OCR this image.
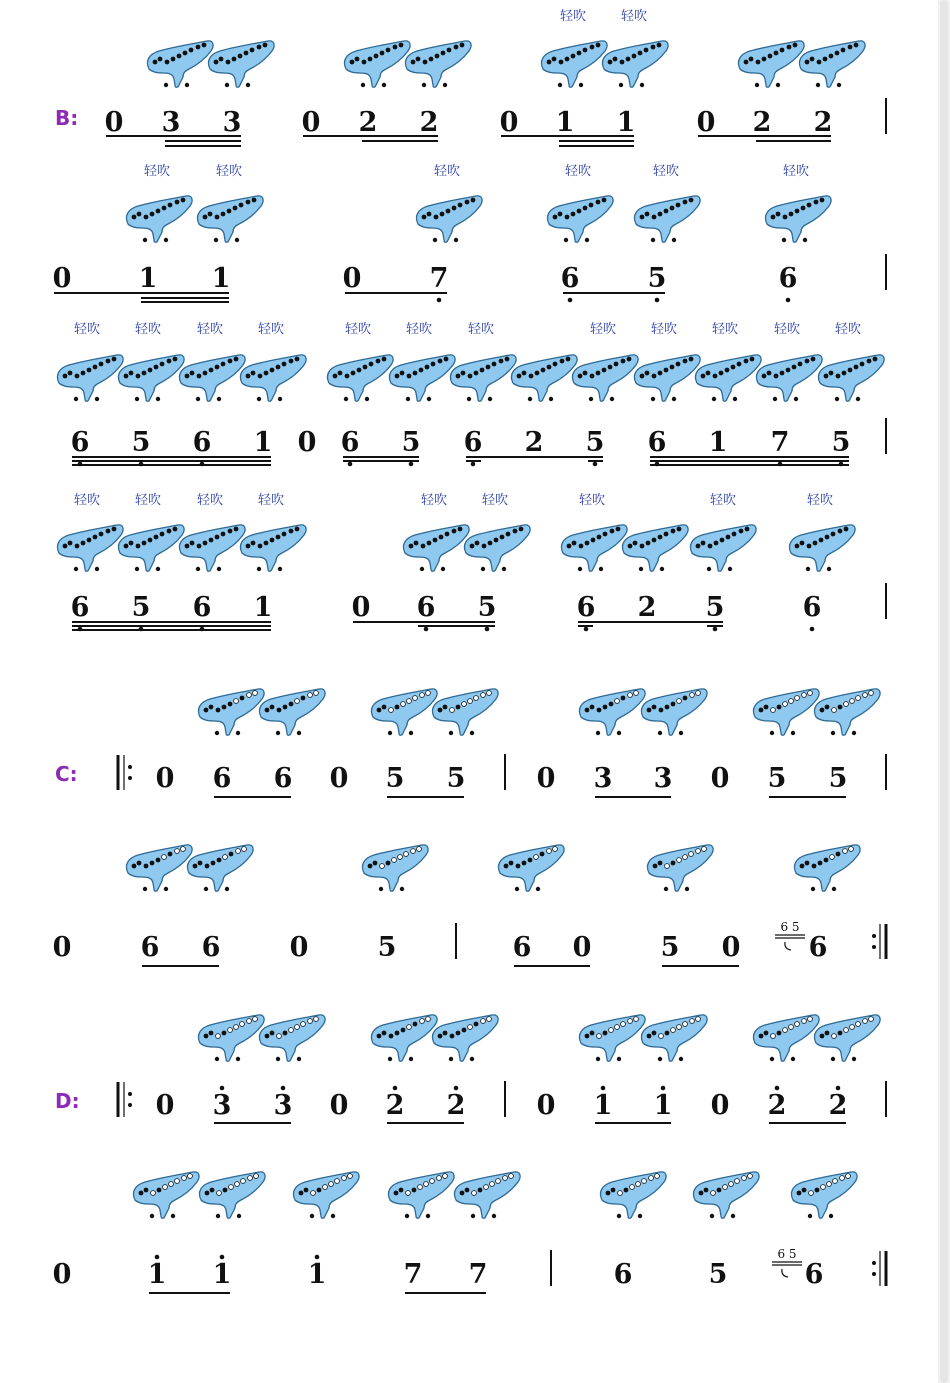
B:
C:
D:
轻吹	轻吹
0 3 3 0 2 2 0 1 1 0 2 2
轻吹	轻吹	轻吹	轻吹	轻吹	轻吹
0 1 1	0	7	6	5	6
轻吹	轻吹	轻吹	轻吹	轻吹	轻吹	轻吹	轻吹	轻吹	轻吹	轻吹	轻吹
6 5 6 1 0 6 5 6 2 5 6 1 7 5
轻吹	轻吹	轻吹	轻吹	轻吹	轻吹	轻吹	轻吹	轻吹
6 5 6 1	0 6 5	6 2 5	6
0 6 6 0 5 5	0 3 3 0 5 5
0	6 6	0	5	6 0	5 0	6
6 5
0 3 3 0 2 2	0 1 1 0 2 2
0	1 1	1	7 7	6	5	6
6 5
